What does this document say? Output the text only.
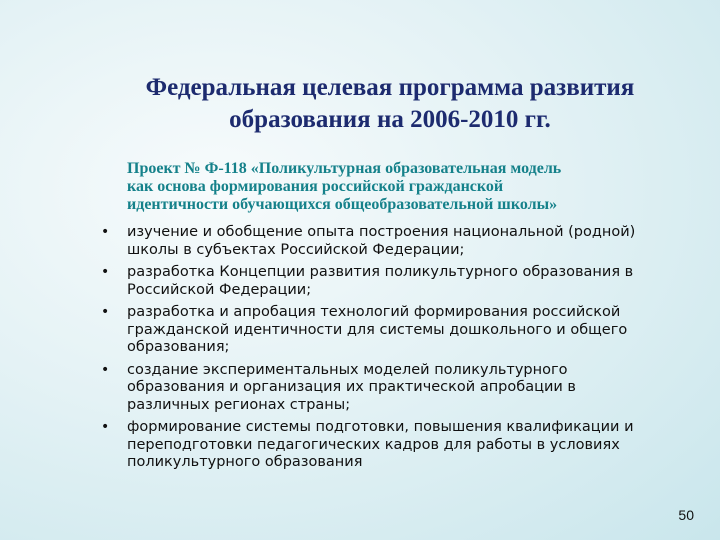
Федеральная целевая программа развития
образования на 2006-2010 гг.
Проект № Ф-118 «Поликультурная образовательная модель
как основа формирования российской гражданской
идентичности обучающихся общеобразовательной школы»
• изучение и обобщение опыта построения национальной (родной)
школы в субъектах Российской Федерации;
• разработка Концепции развития поликультурного образования в
Российской Федерации;
• разработка и апробация технологий формирования российской
гражданской идентичности для системы дошкольного и общего
образования;
• создание экспериментальных моделей поликультурного
образования и организация их практической апробации в
различных регионах страны;
• формирование системы подготовки, повышения квалификации и
переподготовки педагогических кадров для работы в условиях
поликультурного образования
50
